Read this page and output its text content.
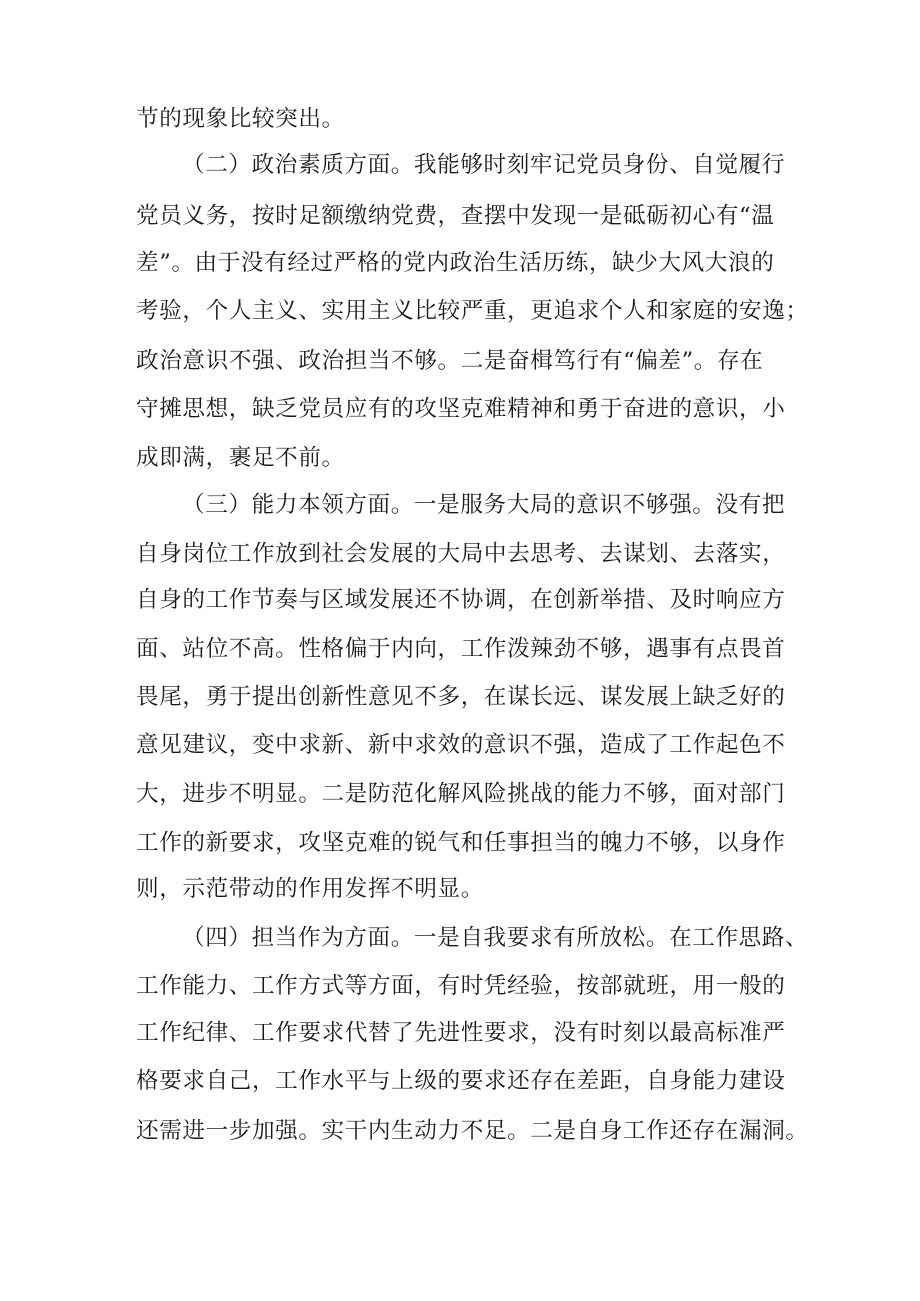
节的现象比较突出。
（二）政治素质方面。我能够时刻牢记党员身份、自觉履行
党员义务，按时足额缴纳党费，查摆中发现一是砥砺初心有“温
差”。由于没有经过严格的党内政治生活历练，缺少大风大浪的
考验，个人主义、实用主义比较严重，更追求个人和家庭的安逸；
政治意识不强、政治担当不够。二是奋楫笃行有“偏差”。存在
守摊思想，缺乏党员应有的攻坚克难精神和勇于奋进的意识，小
成即满，裹足不前。
（三）能力本领方面。一是服务大局的意识不够强。没有把
自身岗位工作放到社会发展的大局中去思考、去谋划、去落实，
自身的工作节奏与区域发展还不协调，在创新举措、及时响应方
面、站位不高。性格偏于内向，工作泼辣劲不够，遇事有点畏首
畏尾，勇于提出创新性意见不多，在谋长远、谋发展上缺乏好的
意见建议，变中求新、新中求效的意识不强，造成了工作起色不
大，进步不明显。二是防范化解风险挑战的能力不够，面对部门
工作的新要求，攻坚克难的锐气和任事担当的魄力不够，以身作
则，示范带动的作用发挥不明显。
（四）担当作为方面。一是自我要求有所放松。在工作思路、
工作能力、工作方式等方面，有时凭经验，按部就班，用一般的
工作纪律、工作要求代替了先进性要求，没有时刻以最高标准严
格要求自己，工作水平与上级的要求还存在差距，自身能力建设
还需进一步加强。实干内生动力不足。二是自身工作还存在漏洞。
